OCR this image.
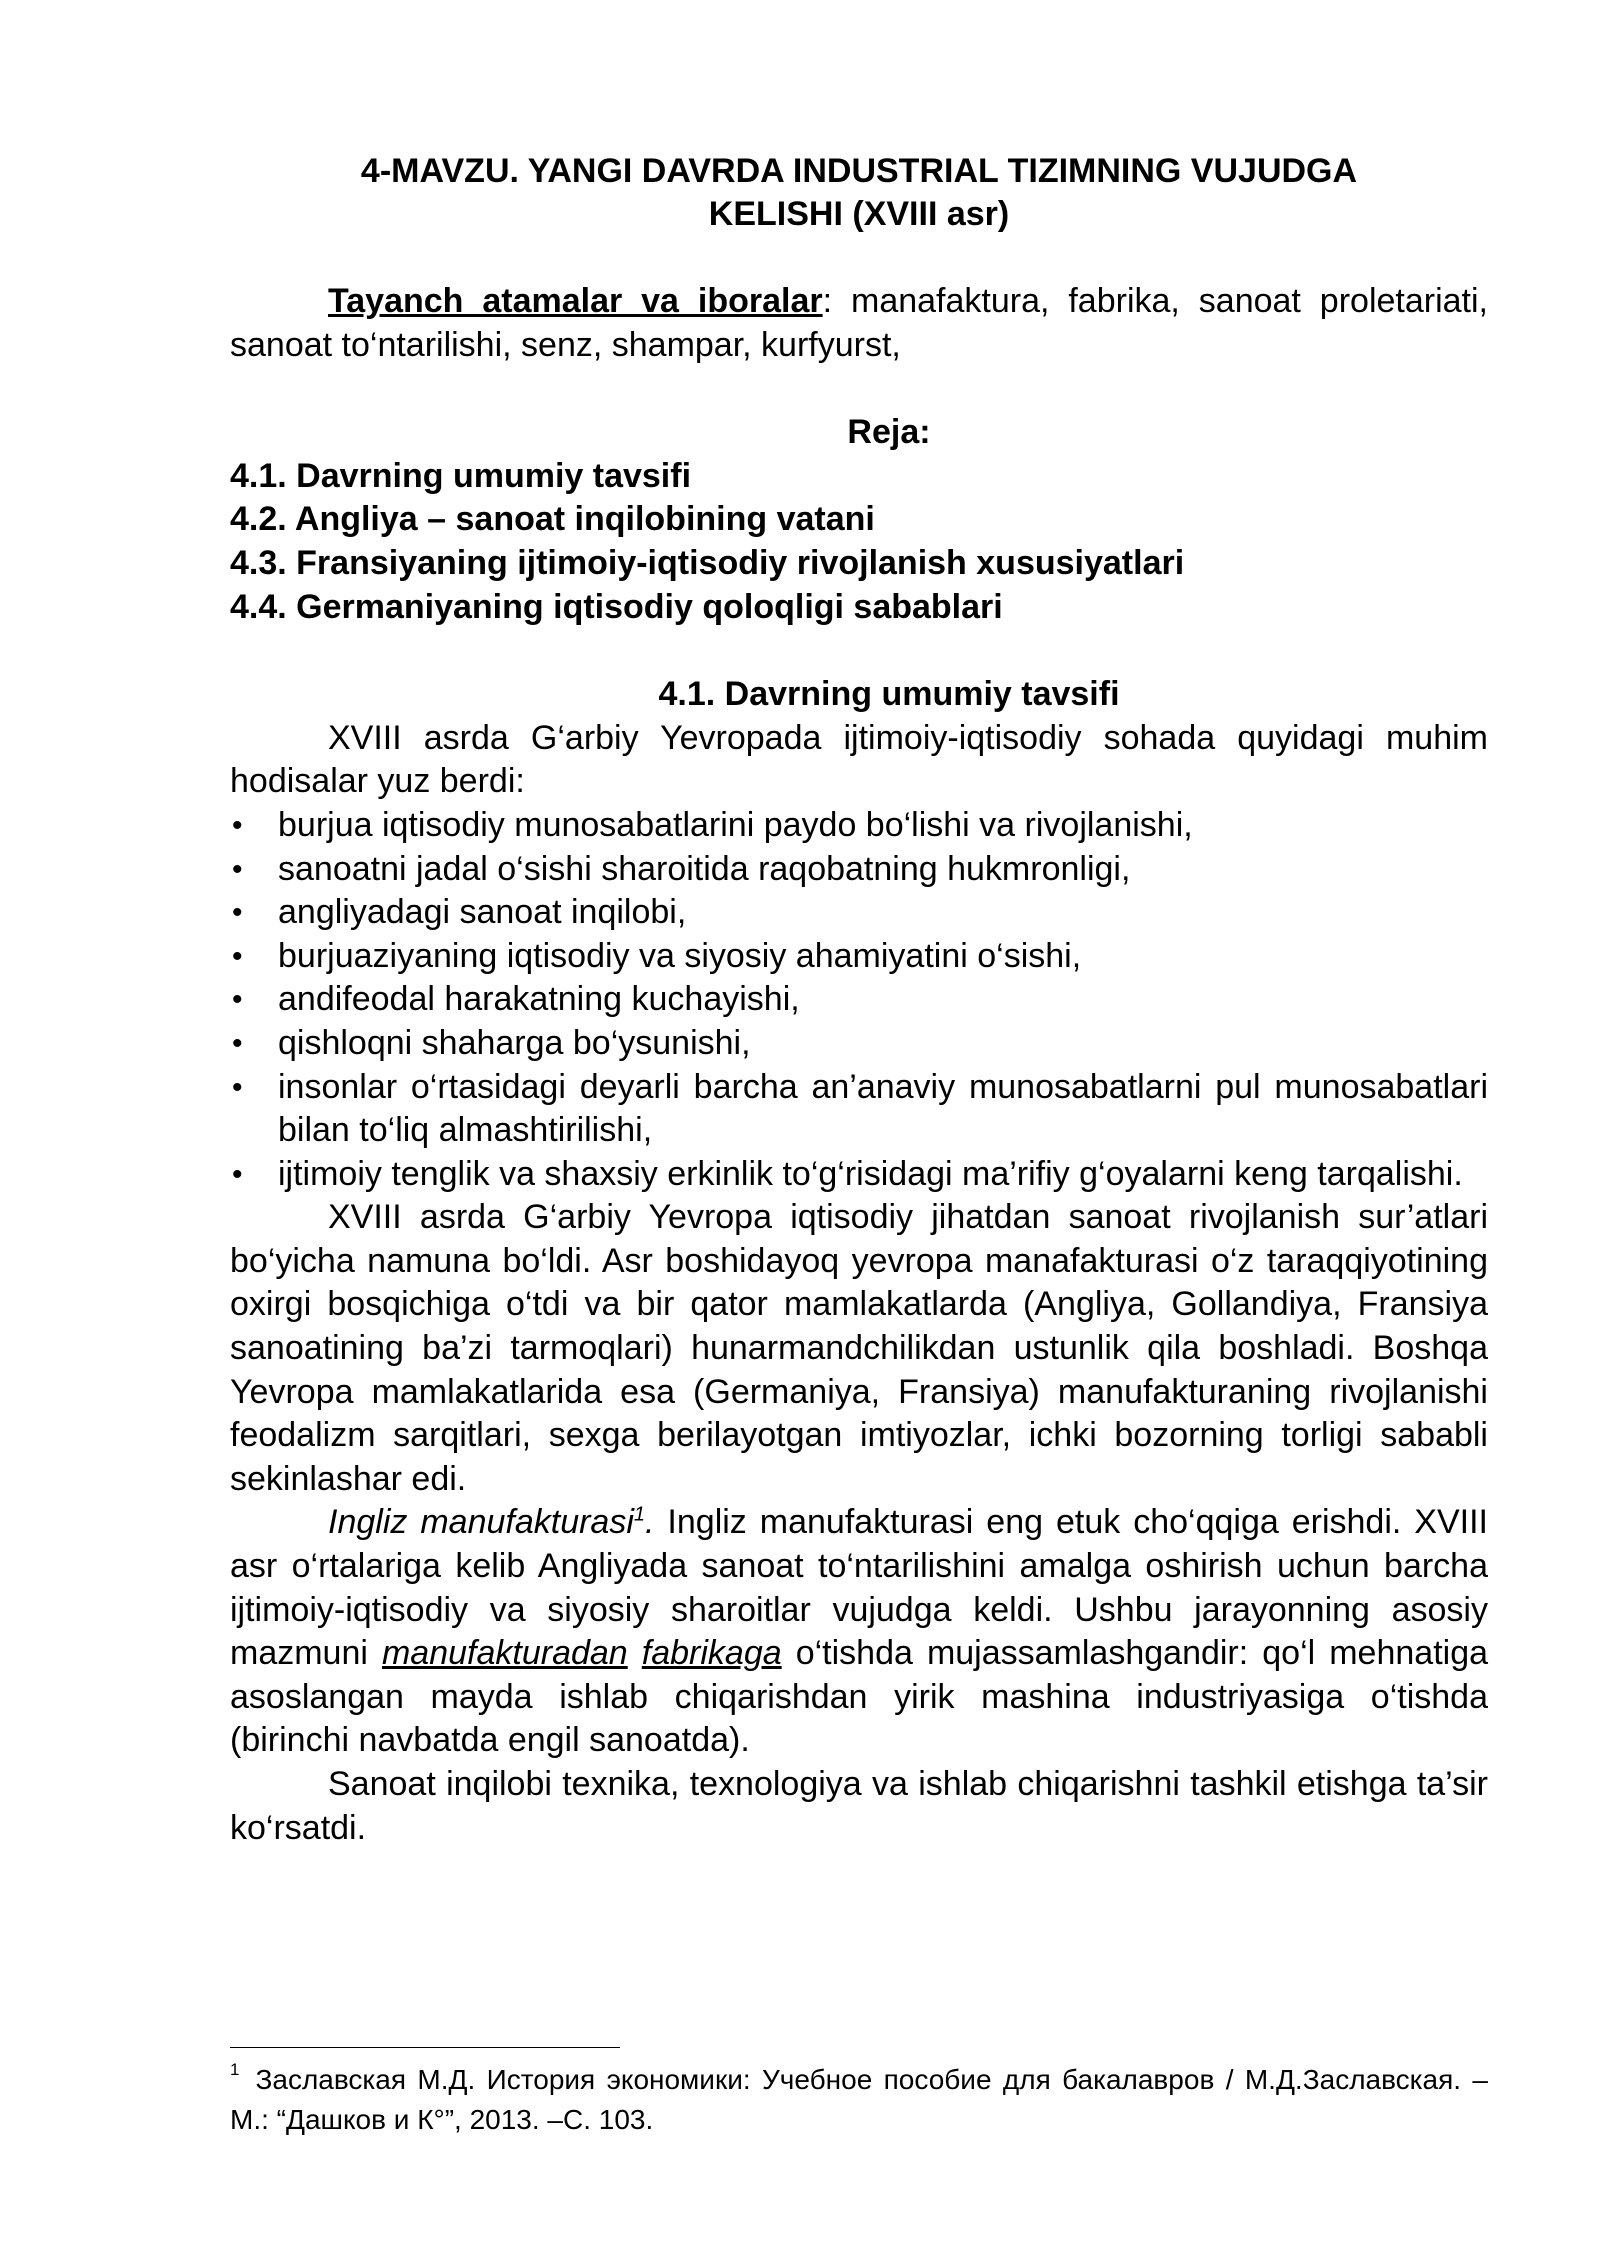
4-MAVZU. YANGI DAVRDA INDUSTRIAL TIZIMNING VUJUDGA
KELISHI (XVIII asr)
Tayanch atamalar va iboralar: manafaktura, fabrika, sanoat proletariati, sanoat to‘ntarilishi, senz, shampar, kurfyurst,
Reja:
4.1. Davrning umumiy tavsifi
4.2. Angliya – sanoat inqilobining vatani
4.3. Fransiyaning ijtimoiy-iqtisodiy rivojlanish xususiyatlari
4.4. Germaniyaning iqtisodiy qoloqligi sabablari
4.1. Davrning umumiy tavsifi
XVIII asrda G‘arbiy Yevropada ijtimoiy-iqtisodiy sohada quyidagi muhim hodisalar yuz berdi:
• burjua iqtisodiy munosabatlarini paydo bo‘lishi va rivojlanishi,
• sanoatni jadal o‘sishi sharoitida raqobatning hukmronligi,
• angliyadagi sanoat inqilobi,
• burjuaziyaning iqtisodiy va siyosiy ahamiyatini o‘sishi,
• andifeodal harakatning kuchayishi,
• qishloqni shaharga bo‘ysunishi,
• insonlar o‘rtasidagi deyarli barcha an’anaviy munosabatlarni pul munosabatlari bilan to‘liq almashtirilishi,
• ijtimoiy tenglik va shaxsiy erkinlik to‘g‘risidagi ma’rifiy g‘oyalarni keng tarqalishi.
XVIII asrda G‘arbiy Yevropa iqtisodiy jihatdan sanoat rivojlanish sur’atlari bo‘yicha namuna bo‘ldi. Asr boshidayoq yevropa manafakturasi o‘z taraqqiyotining oxirgi bosqichiga o‘tdi va bir qator mamlakatlarda (Angliya, Gollandiya, Fransiya sanoatining ba’zi tarmoqlari) hunarmandchilikdan ustunlik qila boshladi. Boshqa Yevropa mamlakatlarida esa (Germaniya, Fransiya) manufakturaning rivojlanishi feodalizm sarqitlari, sexga berilayotgan imtiyozlar, ichki bozorning torligi sababli sekinlashar edi.
Ingliz manufakturasi$^1$. Ingliz manufakturasi eng etuk cho‘qqiga erishdi. XVIII asr o‘rtalariga kelib Angliyada sanoat to‘ntarilishini amalga oshirish uchun barcha ijtimoiy-iqtisodiy va siyosiy sharoitlar vujudga keldi. Ushbu jarayonning asosiy mazmuni manufakturadan fabrikaga o‘tishda mujassamlashgandir: qo‘l mehnatiga asoslangan mayda ishlab chiqarishdan yirik mashina industriyasiga o‘tishda (birinchi navbatda engil sanoatda).
Sanoat inqilobi texnika, texnologiya va ishlab chiqarishni tashkil etishga ta’sir ko‘rsatdi.
$^1$ Заславская М.Д. История экономики: Учебное пособие для бакалавров / М.Д.Заславская. – М.: “Дашков и К°”, 2013. –С. 103.
